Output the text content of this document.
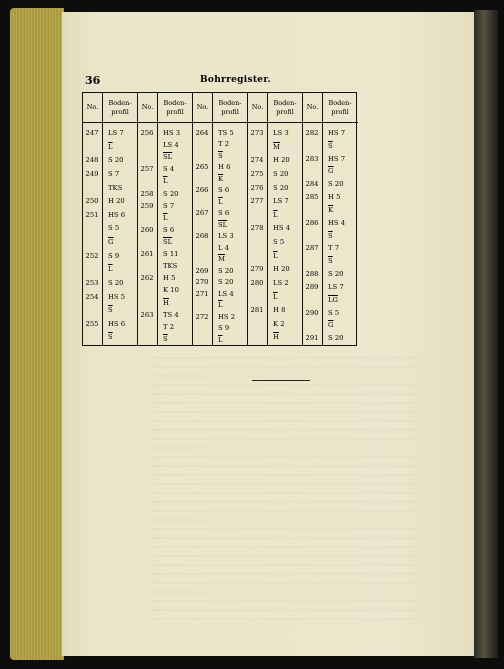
36	Bohrregister.
No.
Boden-
profil
No.
Boden-
profil
No.
Boden-
profil
No.
Boden-
profil
No.
Boden-
profil
247 LS 7
$\overline{L}$
248 S 20
249 S 7
TKS
250 H 20
251 HS 6
S 5
$\overline{G}$
252 S 9
$\overline{L}$
253 S 20
254 HS 5
$\overline{S}$
255 HS 6
$\overline{S}$
256 HS 3
LS 4
$\overline{SL}$
257 S 4
$\overline{L}$
258 S 20
259 S 7
$\overline{L}$
260 S 6
$\overline{SL}$
261 S 11
TKS
262 H 5
K 10
$\overline{H}$
263 TS 4
T 2
$\overline{S}$
264 TS 5
T 2
$\overline{S}$
265 H 6
$\overline{K}$
266 S 6
$\overline{L}$
267 S 6
$\overline{SL}$
268 LS 3
L 4
$\overline{M}$
269 S 20
270 S 20
271 LS 4
$\overline{L}$
272 HS 2
S 9
$\overline{L}$
273 LS 3
$\overline{M}$
274 H 20
275 S 20
276 S 20
277 LS 7
$\overline{L}$
278 HS 4
S 5
$\overline{L}$
279 H 20
280 LS 2
$\overline{L}$
281 H 8
K 2
$\overline{H}$
282 HS 7
$\overline{S}$
283 HS 7
$\overline{G}$
284 S 20
285 H 5
$\overline{K}$
286 HS 4
$\overline{S}$
287 T 7
$\overline{S}$
288 S 20
289 LS 7
$\overline{LG}$
290 S 5
$\overline{G}$
291 S 20
